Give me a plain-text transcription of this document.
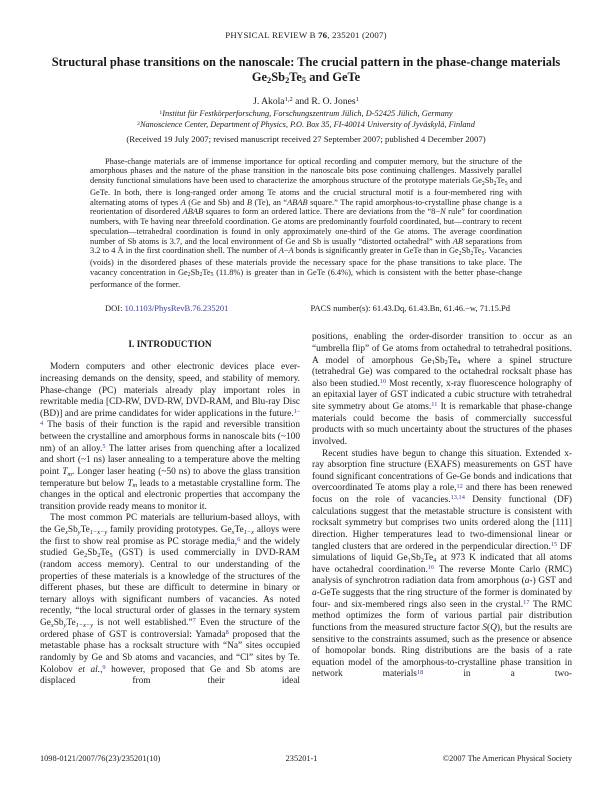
PHYSICAL REVIEW B 76, 235201 (2007)
Structural phase transitions on the nanoscale: The crucial pattern in the phase-change materials
$Ge_2Sb_2Te_5$ and GeTe
J. Akola$^{1,2}$ and R. O. Jones$^1$
$^1$Institut für Festkörperforschung, Forschungszentrum Jülich, D-52425 Jülich, Germany
$^2$Nanoscience Center, Department of Physics, P.O. Box 35, FI-40014 University of Jyväskylä, Finland
(Received 19 July 2007; revised manuscript received 27 September 2007; published 4 December 2007)
Phase-change materials are of immense importance for optical recording and computer memory, but the structure of the amorphous phases and the nature of the phase transition in the nanoscale bits pose continuing challenges. Massively parallel density functional simulations have been used to characterize the amorphous structure of the prototype materials $Ge_2Sb_2Te_5$ and GeTe. In both, there is long-ranged order among Te atoms and the crucial structural motif is a four-membered ring with alternating atoms of types A (Ge and Sb) and B (Te), an “ABAB square.” The rapid amorphous-to-crystalline phase change is a reorientation of disordered ABAB squares to form an ordered lattice. There are deviations from the “8−N rule” for coordination numbers, with Te having near threefold coordination. Ge atoms are predominantly fourfold coordinated, but—contrary to recent speculation—tetrahedral coordination is found in only approximately one-third of the Ge atoms. The average coordination number of Sb atoms is 3.7, and the local environment of Ge and Sb is usually “distorted octahedral” with AB separations from 3.2 to 4 Å in the first coordination shell. The number of A−A bonds is significantly greater in GeTe than in $Ge_2Sb_2Te_5$. Vacancies (voids) in the disordered phases of these materials provide the necessary space for the phase transitions to take place. The vacancy concentration in $Ge_2Sb_2Te_5$ (11.8%) is greater than in GeTe (6.4%), which is consistent with the better phase-change performance of the former.
DOI: 10.1103/PhysRevB.76.235201	PACS number(s): 61.43.Dq, 61.43.Bn, 61.46.−w, 71.15.Pd
I. INTRODUCTION

Modern computers and other electronic devices place ever-increasing demands on the density, speed, and stability of memory. Phase-change (PC) materials already play important roles in rewritable media [CD-RW, DVD-RW, DVD-RAM, and Blu-ray Disc (BD)] and are prime candidates for wider applications in the future.$^{1-4}$ The basis of their function is the rapid and reversible transition between the crystalline and amorphous forms in nanoscale bits (~100 nm) of an alloy.$^5$ The latter arises from quenching after a localized and short (~1 ns) laser annealing to a temperature above the melting point $T_m$. Longer laser heating (~50 ns) to above the glass transition temperature but below $T_m$ leads to a metastable crystalline form. The changes in the optical and electronic properties that accompany the transition provide ready means to monitor it.

The most common PC materials are tellurium-based alloys, with the $Ge_xSb_yTe_{1-x-y}$ family providing prototypes. $Ge_xTe_{1-x}$ alloys were the first to show real promise as PC storage media,$^6$ and the widely studied $Ge_2Sb_2Te_5$ (GST) is used commercially in DVD-RAM (random access memory). Central to our understanding of the properties of these materials is a knowledge of the structures of the different phases, but these are difficult to determine in binary or ternary alloys with significant numbers of vacancies. As noted recently, “the local structural order of glasses in the ternary system $Ge_xSb_yTe_{1-x-y}$ is not well established.”$^7$ Even the structure of the ordered phase of GST is controversial: Yamada$^8$ proposed that the metastable phase has a rocksalt structure with “Na” sites occupied randomly by Ge and Sb atoms and vacancies, and “Cl” sites by Te. Kolobov et al.,$^9$ however, proposed that Ge and Sb atoms are displaced from their ideal

positions, enabling the order-disorder transition to occur as an “umbrella flip” of Ge atoms from octahedral to tetrahedral positions. A model of amorphous $Ge_1Sb_2Te_4$ where a spinel structure (tetrahedral Ge) was compared to the octahedral rocksalt phase has also been studied.$^{10}$ Most recently, x-ray fluorescence holography of an epitaxial layer of GST indicated a cubic structure with tetrahedral site symmetry about Ge atoms.$^{11}$ It is remarkable that phase-change materials could become the basis of commercially successful products with so much uncertainty about the structures of the phases involved.

Recent studies have begun to change this situation. Extended x-ray absorption fine structure (EXAFS) measurements on GST have found significant concentrations of Ge-Ge bonds and indications that overcoordinated Te atoms play a role,$^{12}$ and there has been renewed focus on the role of vacancies.$^{13,14}$ Density functional (DF) calculations suggest that the metastable structure is consistent with rocksalt symmetry but comprises two units ordered along the [111] direction. Higher temperatures lead to two-dimensional linear or tangled clusters that are ordered in the perpendicular direction.$^{15}$ DF simulations of liquid $Ge_1Sb_2Te_4$ at 973 K indicated that all atoms have octahedral coordination.$^{16}$ The reverse Monte Carlo (RMC) analysis of synchrotron radiation data from amorphous (a-) GST and a-GeTe suggests that the ring structure of the former is dominated by four- and six-membered rings also seen in the crystal.$^{17}$ The RMC method optimizes the form of various partial pair distribution functions from the measured structure factor S(Q), but the results are sensitive to the constraints assumed, such as the presence or absence of homopolar bonds. Ring distributions are the basis of a rate equation model of the amorphous-to-crystalline phase transition in network materials$^{18}$ in a two-

1098-0121/2007/76(23)/235201(10)	235201-1	©2007 The American Physical Society
